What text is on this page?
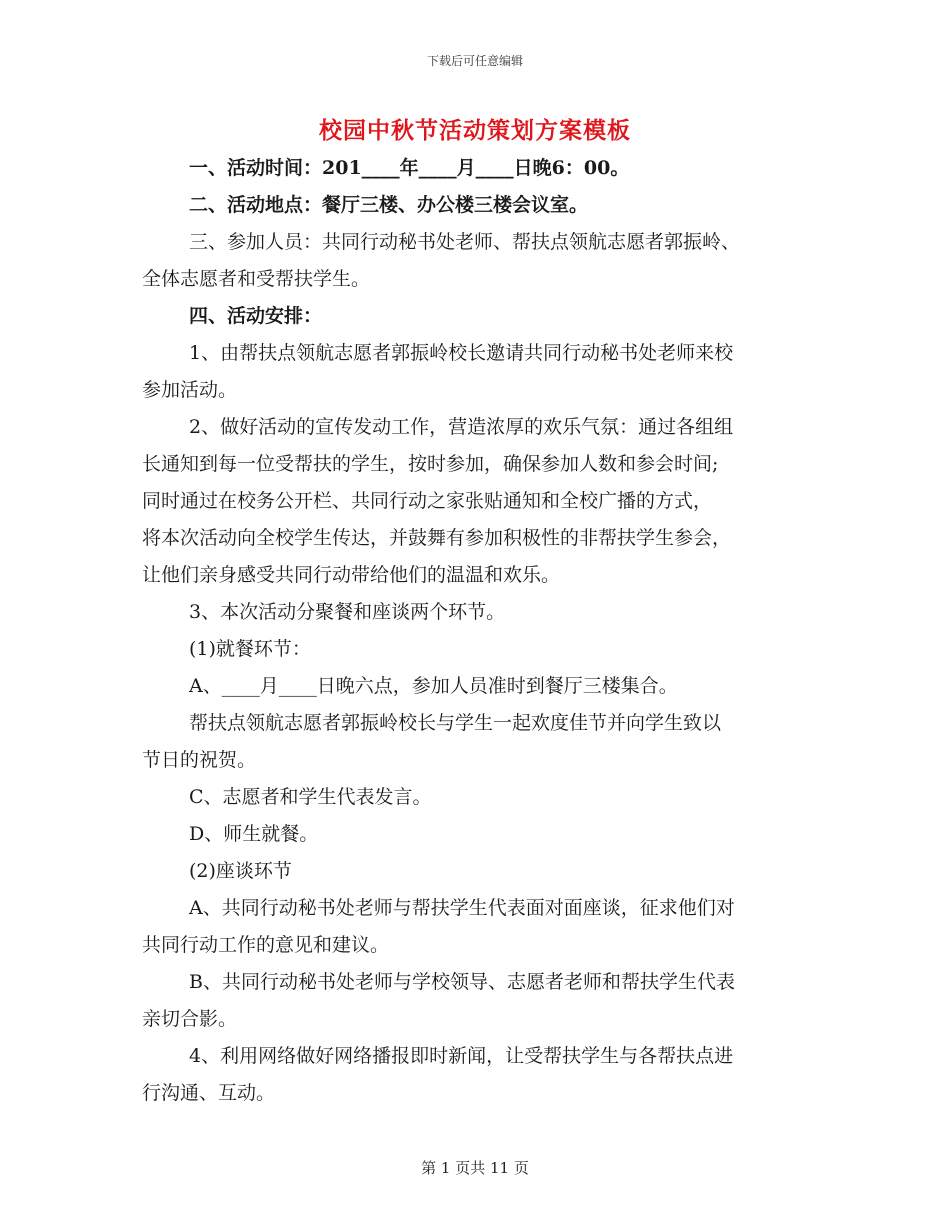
下载后可任意编辑
校园中秋节活动策划方案模板

一、活动时间：201____年____月____日晚6：00。

二、活动地点：餐厅三楼、办公楼三楼会议室。

三、参加人员：共同行动秘书处老师、帮扶点领航志愿者郭振岭、

全体志愿者和受帮扶学生。

四、活动安排：

1、由帮扶点领航志愿者郭振岭校长邀请共同行动秘书处老师来校

参加活动。

2、做好活动的宣传发动工作，营造浓厚的欢乐气氛：通过各组组

长通知到每一位受帮扶的学生，按时参加，确保参加人数和参会时间;

同时通过在校务公开栏、共同行动之家张贴通知和全校广播的方式，

将本次活动向全校学生传达，并鼓舞有参加积极性的非帮扶学生参会，

让他们亲身感受共同行动带给他们的温温和欢乐。

3、本次活动分聚餐和座谈两个环节。

(1)就餐环节：

A、____月____日晚六点，参加人员准时到餐厅三楼集合。

帮扶点领航志愿者郭振岭校长与学生一起欢度佳节并向学生致以

节日的祝贺。

C、志愿者和学生代表发言。

D、师生就餐。

(2)座谈环节

A、共同行动秘书处老师与帮扶学生代表面对面座谈，征求他们对

共同行动工作的意见和建议。

B、共同行动秘书处老师与学校领导、志愿者老师和帮扶学生代表

亲切合影。

4、利用网络做好网络播报即时新闻，让受帮扶学生与各帮扶点进

行沟通、互动。

第 1 页共 11 页
